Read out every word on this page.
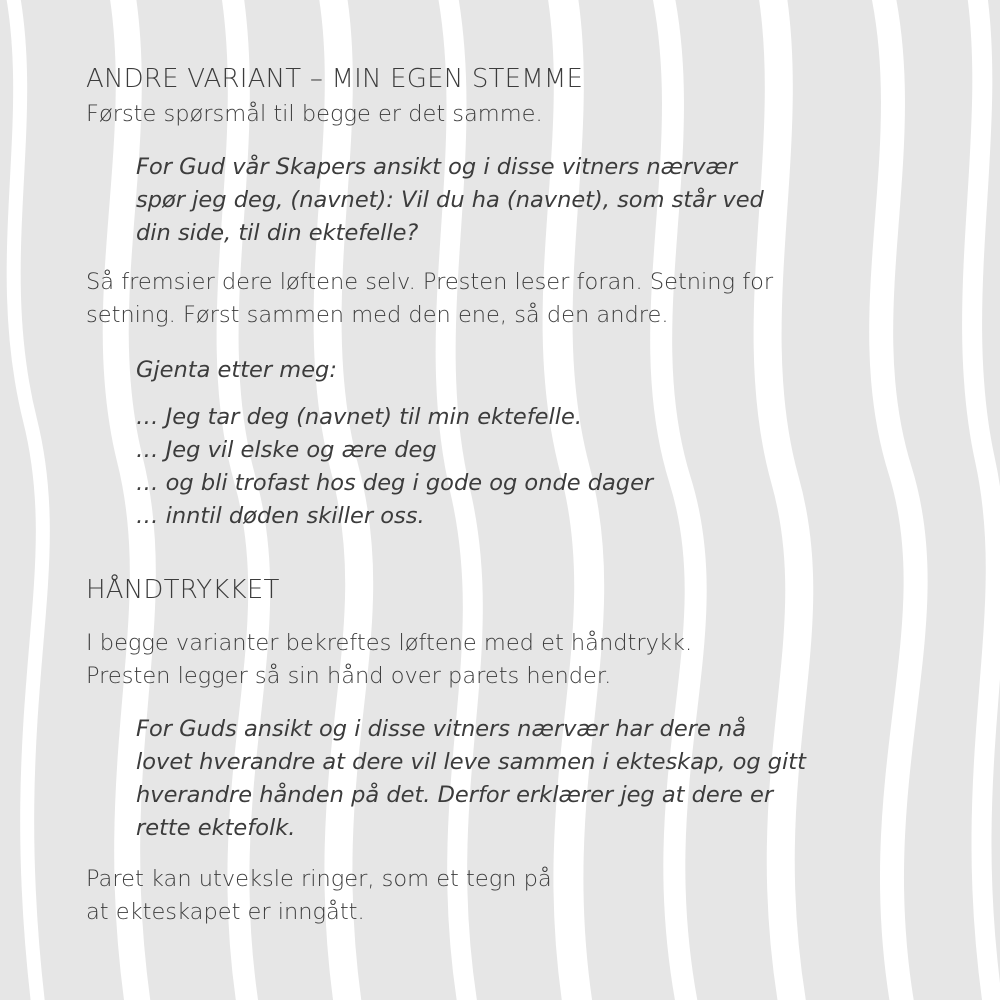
ANDRE VARIANT – MIN EGEN STEMME

Første spørsmål til begge er det samme.

For Gud vår Skapers ansikt og i disse vitners nærvær
spør jeg deg, (navnet): Vil du ha (navnet), som står ved
din side, til din ektefelle?
Så fremsier dere løftene selv. Presten leser foran. Setning for
setning. Først sammen med den ene, så den andre.

Gjenta etter meg:

… Jeg tar deg (navnet) til min ektefelle.
… Jeg vil elske og ære deg
… og bli trofast hos deg i gode og onde dager
… inntil døden skiller oss.
HÅNDTRYKKET
I begge varianter bekreftes løftene med et håndtrykk.
Presten legger så sin hånd over parets hender.
For Guds ansikt og i disse vitners nærvær har dere nå
lovet hverandre at dere vil leve sammen i ekteskap, og gitt
hverandre hånden på det. Derfor erklærer jeg at dere er
rette ektefolk.
Paret kan utveksle ringer, som et tegn på
at ekteskapet er inngått.
